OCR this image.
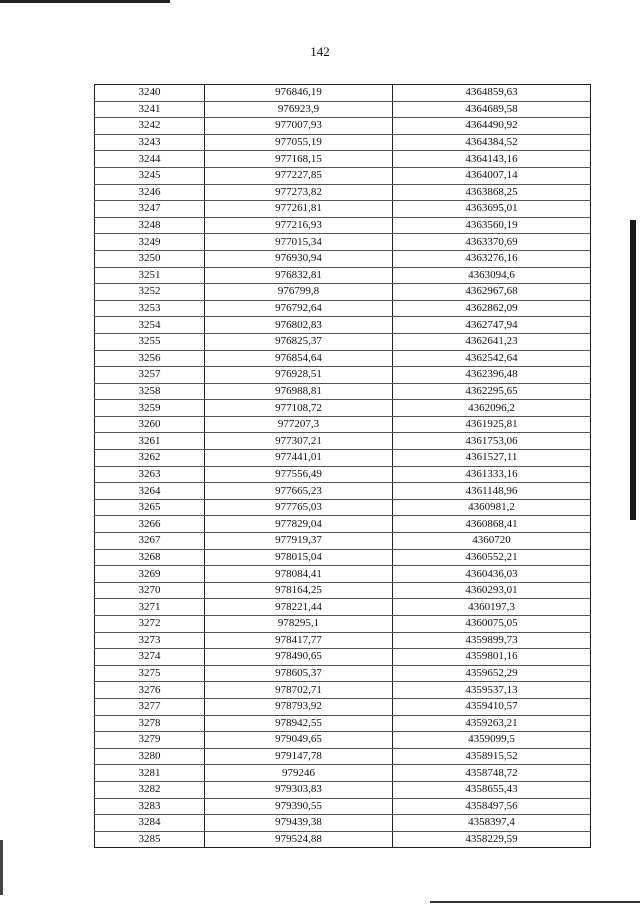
142
3240	976846,19	4364859,63
3241	976923,9	4364689,58
3242	977007,93	4364490,92
3243	977055,19	4364384,52
3244	977168,15	4364143,16
3245	977227,85	4364007,14
3246	977273,82	4363868,25
3247	977261,81	4363695,01
3248	977216,93	4363560,19
3249	977015,34	4363370,69
3250	976930,94	4363276,16
3251	976832,81	4363094,6
3252	976799,8	4362967,68
3253	976792,64	4362862,09
3254	976802,83	4362747,94
3255	976825,37	4362641,23
3256	976854,64	4362542,64
3257	976928,51	4362396,48
3258	976988,81	4362295,65
3259	977108,72	4362096,2
3260	977207,3	4361925,81
3261	977307,21	4361753,06
3262	977441,01	4361527,11
3263	977556,49	4361333,16
3264	977665,23	4361148,96
3265	977765,03	4360981,2
3266	977829,04	4360868,41
3267	977919,37	4360720
3268	978015,04	4360552,21
3269	978084,41	4360436,03
3270	978164,25	4360293,01
3271	978221,44	4360197,3
3272	978295,1	4360075,05
3273	978417,77	4359899,73
3274	978490,65	4359801,16
3275	978605,37	4359652,29
3276	978702,71	4359537,13
3277	978793,92	4359410,57
3278	978942,55	4359263,21
3279	979049,65	4359099,5
3280	979147,78	4358915,52
3281	979246	4358748,72
3282	979303,83	4358655,43
3283	979390,55	4358497,56
3284	979439,38	4358397,4
3285	979524,88	4358229,59
